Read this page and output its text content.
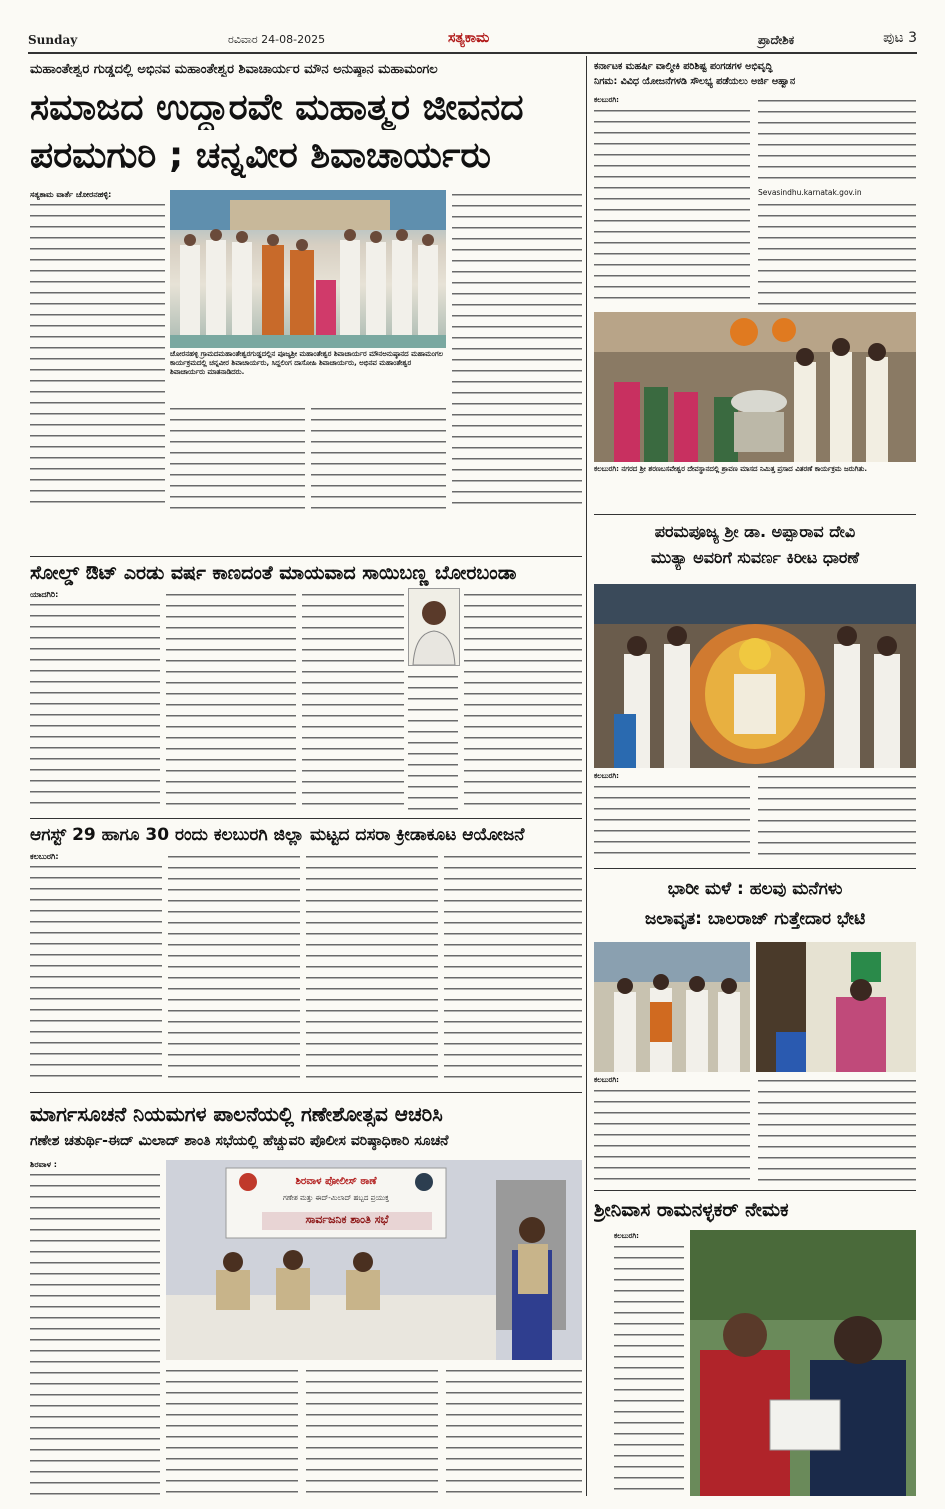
Sunday	ರವಿವಾರ 24-08-2025	ಸತ್ಯಕಾಮ	ಪ್ರಾದೇಶಿಕ	ಪುಟ 3
ಮಹಾಂತೇಶ್ವರ ಗುಡ್ಡದಲ್ಲಿ ಅಭಿನವ ಮಹಾಂತೇಶ್ವರ ಶಿವಾಚಾರ್ಯರ ಮೌನ ಅನುಷ್ಠಾನ ಮಹಾಮಂಗಲ
ಸಮಾಜದ ಉದ್ದಾರವೇ ಮಹಾತ್ಮರ ಜೀವನದ
ಪರಮಗುರಿ ; ಚನ್ನವೀರ ಶಿವಾಚಾರ್ಯರು
ಸತ್ಯಕಾಮ ವಾರ್ತೆ ಚೋರನಹಳ್ಳಿ:
ಚೋರನಹಳ್ಳಿ ಗ್ರಾಮದಮಹಾಂತೇಶ್ವರಗುಡ್ಡದಲ್ಲಿನ ಪೂಜ್ಯಶ್ರೀ ಮಹಾಂತೇಶ್ವರ ಶಿವಾಚಾರ್ಯರ ಮೌನಅನುಷ್ಠಾನದ ಮಹಾಮಂಗಲ ಕಾರ್ಯಕ್ರಮದಲ್ಲಿ ಚನ್ನವೀರ ಶಿವಾಚಾರ್ಯರು, ಸಿದ್ದಲಿಂಗ ದಾಸೋಹಿ ಶಿವಾಚಾರ್ಯರು, ಅಭಿನವ ಮಹಾಂತೇಶ್ವರ ಶಿವಾಚಾರ್ಯರು ಮಾತನಾಡಿದರು.
ಸೋಲ್ಡ್ ಔಟ್ ಎರಡು ವರ್ಷ ಕಾಣದಂತೆ ಮಾಯವಾದ ಸಾಯಿಬಣ್ಣ ಬೋರಬಂಡಾ
ಯಾದಗಿರಿ:
ಆಗಸ್ಟ್ 29 ಹಾಗೂ 30 ರಂದು ಕಲಬುರಗಿ ಜಿಲ್ಲಾ ಮಟ್ಟದ ದಸರಾ ಕ್ರೀಡಾಕೂಟ ಆಯೋಜನೆ
ಕಲಬುರಗಿ:
ಮಾರ್ಗಸೂಚನೆ ನಿಯಮಗಳ ಪಾಲನೆಯಲ್ಲಿ ಗಣೇಶೋತ್ಸವ ಆಚರಿಸಿ
ಗಣೇಶ ಚತುರ್ಥಿ-ಈದ್ ಮಿಲಾದ್ ಶಾಂತಿ ಸಭೆಯಲ್ಲಿ ಹೆಚ್ಚುವರಿ ಪೊಲೀಸ ವರಿಷ್ಠಾಧಿಕಾರಿ ಸೂಚನೆ
ಶಿರವಾಳ :
ಶಿರವಾಳ ಪೋಲೀಸ್ ಠಾಣೆ
ಗಣೇಶ ಮತ್ತು ಈದ್-ಮಿಲಾದ್ ಹಬ್ಬದ ಪ್ರಯುಕ್ತ
ಸಾರ್ವಜನಿಕ ಶಾಂತಿ ಸಭೆ
ಕರ್ನಾಟಕ ಮಹರ್ಷಿ ವಾಲ್ಮೀಕಿ ಪರಿಶಿಷ್ಟ ಪಂಗಡಗಳ ಅಭಿವೃದ್ಧಿ
ನಿಗಮ: ವಿವಿಧ ಯೋಜನೆಗಳಡಿ ಸೌಲಭ್ಯ ಪಡೆಯಲು ಅರ್ಜಿ ಆಹ್ವಾನ
ಕಲಬುರಗಿ:
Sevasindhu.karnatak.gov.in
ಕಲಬುರಗಿ: ನಗರದ ಶ್ರೀ ಶರಣಬಸವೇಶ್ವರ ದೇವಸ್ಥಾನದಲ್ಲಿ ಶ್ರಾವಣ ಮಾಸದ ನಿಮಿತ್ತ ಪ್ರಸಾದ ವಿತರಣೆ ಕಾರ್ಯಕ್ರಮ ಜರುಗಿತು.
ಪರಮಪೂಜ್ಯ ಶ್ರೀ ಡಾ. ಅಪ್ಪಾರಾವ ದೇವಿ
ಮುತ್ಯಾ ಅವರಿಗೆ ಸುವರ್ಣ ಕಿರೀಟ ಧಾರಣೆ
ಕಲಬುರಗಿ:
ಭಾರೀ ಮಳೆ : ಹಲವು ಮನೆಗಳು
ಜಲಾವೃತ: ಬಾಲರಾಜ್ ಗುತ್ತೇದಾರ ಭೇಟಿ
ಕಲಬುರಗಿ:
ಶ್ರೀನಿವಾಸ ರಾಮನಳ್ಳಕರ್ ನೇಮಕ
ಕಲಬುರಗಿ:
